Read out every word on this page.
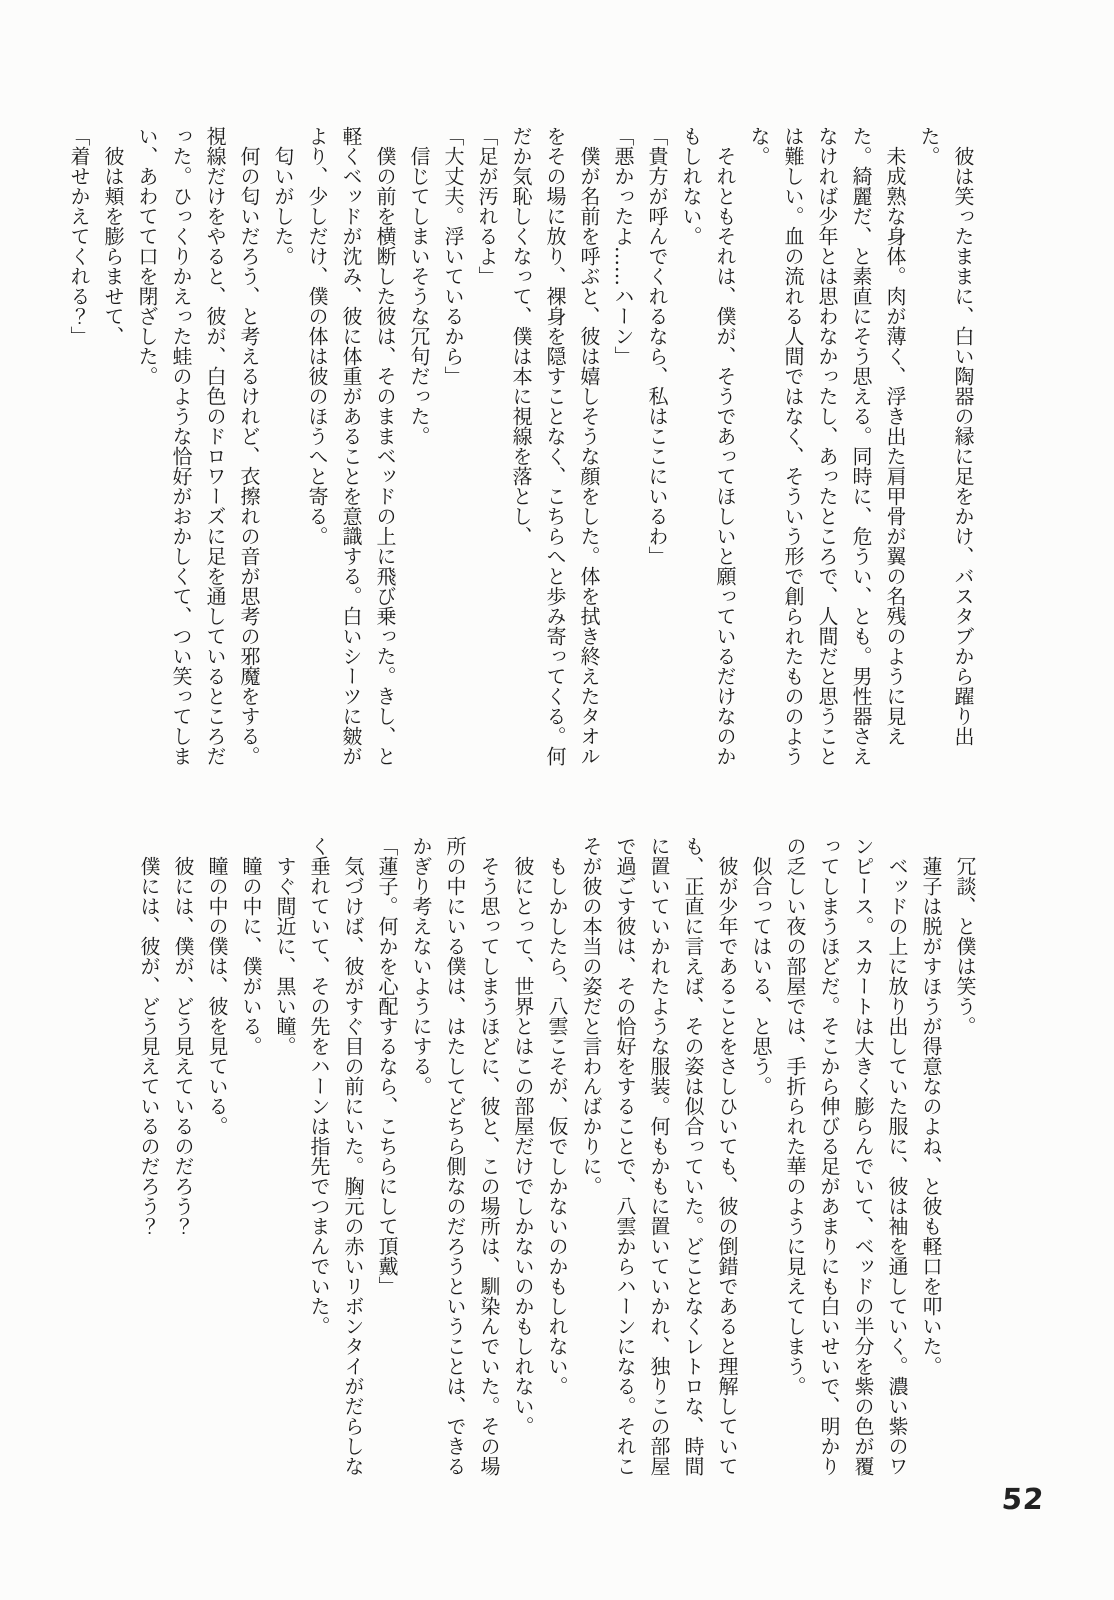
彼は笑ったままに、白い陶器の縁に足をかけ、バスタブから躍り出た。

未成熟な身体。肉が薄く、浮き出た肩甲骨が翼の名残のように見えた。綺麗だ、と素直にそう思える。同時に、危うい、とも。男性器さえなければ少年とは思わなかったし、あったところで、人間だと思うことは難しい。血の流れる人間ではなく、そういう形で創られたもののような。

それともそれは、僕が、そうであってほしいと願っているだけなのかもしれない。

「貴方が呼んでくれるなら、私はここにいるわ」

「悪かったよ……ハーン」

僕が名前を呼ぶと、彼は嬉しそうな顔をした。体を拭き終えたタオルをその場に放り、裸身を隠すことなく、こちらへと歩み寄ってくる。何だか気恥しくなって、僕は本に視線を落とし、

「足が汚れるよ」

「大丈夫。浮いているから」

信じてしまいそうな冗句だった。

僕の前を横断した彼は、そのままベッドの上に飛び乗った。きし、と軽くベッドが沈み、彼に体重があることを意識する。白いシーツに皴がより、少しだけ、僕の体は彼のほうへと寄る。

匂いがした。

何の匂いだろう、と考えるけれど、衣擦れの音が思考の邪魔をする。視線だけをやると、彼が、白色のドロワーズに足を通しているところだった。ひっくりかえった蛙のような恰好がおかしくて、つい笑ってしまい、あわてて口を閉ざした。

彼は頬を膨らませて、

「着せかえてくれる？」

冗談、と僕は笑う。

蓮子は脱がすほうが得意なのよね、と彼も軽口を叩いた。

ベッドの上に放り出していた服に、彼は袖を通していく。濃い紫のワンピース。スカートは大きく膨らんでいて、ベッドの半分を紫の色が覆ってしまうほどだ。そこから伸びる足があまりにも白いせいで、明かりの乏しい夜の部屋では、手折られた華のように見えてしまう。

似合ってはいる、と思う。

彼が少年であることをさしひいても、彼の倒錯であると理解していても、正直に言えば、その姿は似合っていた。どことなくレトロな、時間に置いていかれたような服装。何もかもに置いていかれ、独りこの部屋で過ごす彼は、その恰好をすることで、八雲からハーンになる。それこそが彼の本当の姿だと言わんばかりに。

もしかしたら、八雲こそが、仮でしかないのかもしれない。

彼にとって、世界とはこの部屋だけでしかないのかもしれない。

そう思ってしまうほどに、彼と、この場所は、馴染んでいた。その場所の中にいる僕は、はたしてどちら側なのだろうということは、できるかぎり考えないようにする。

「蓮子。何かを心配するなら、こちらにして頂戴」

気づけば、彼がすぐ目の前にいた。胸元の赤いリボンタイがだらしなく垂れていて、その先をハーンは指先でつまんでいた。

すぐ間近に、黒い瞳。

瞳の中に、僕がいる。

瞳の中の僕は、彼を見ている。

彼には、僕が、どう見えているのだろう？

僕には、彼が、どう見えているのだろう？

52
